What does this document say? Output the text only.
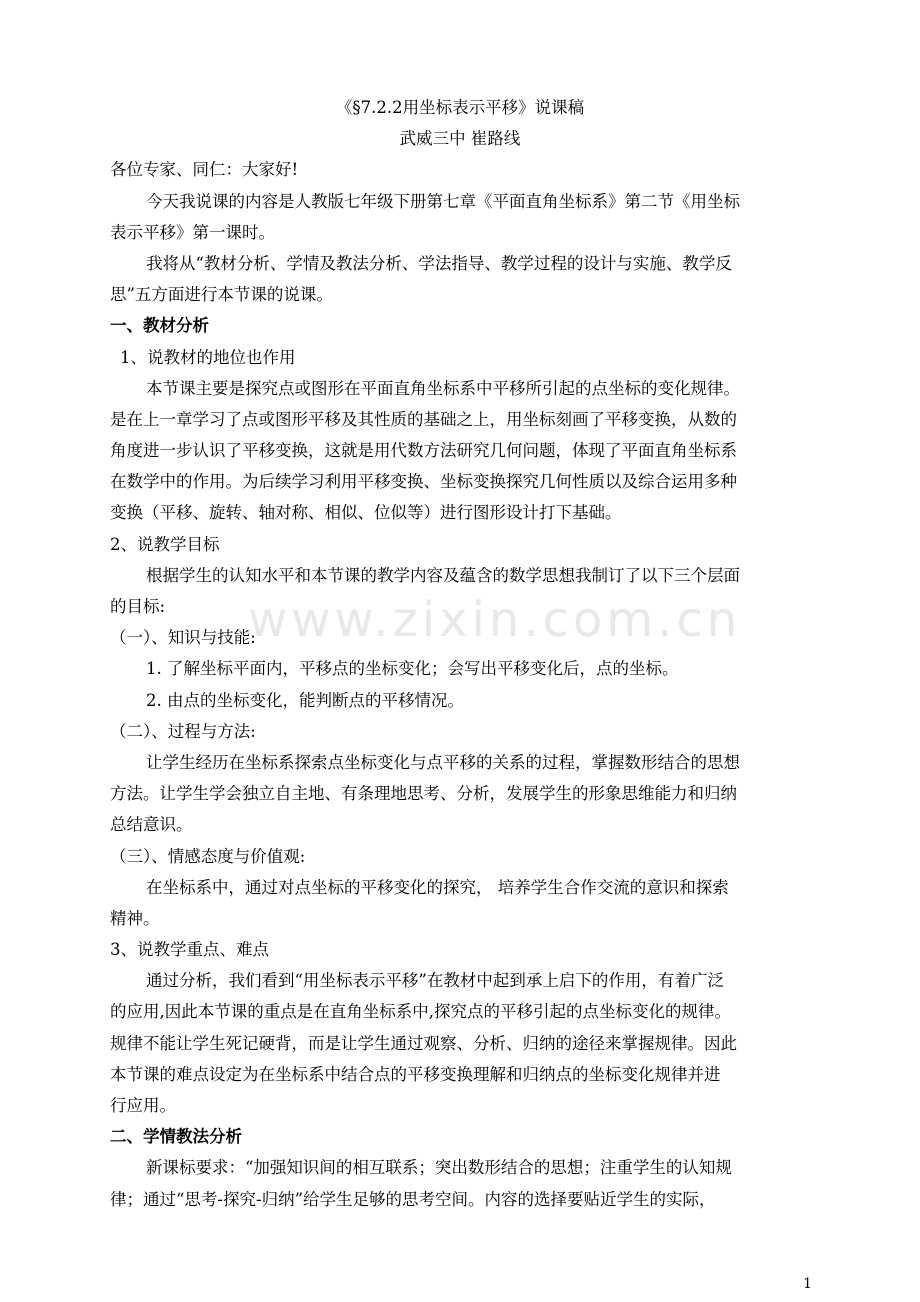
www.zixin.com.cn
《§7.2.2用坐标表示平移》说课稿
武威三中 崔路线
各位专家、同仁：大家好!
今天我说课的内容是人教版七年级下册第七章《平面直角坐标系》第二节《用坐标
表示平移》第一课时。
我将从“教材分析、学情及教法分析、学法指导、教学过程的设计与实施、教学反
思”五方面进行本节课的说课。
一、教材分析
1、说教材的地位也作用
本节课主要是探究点或图形在平面直角坐标系中平移所引起的点坐标的变化规律。
是在上一章学习了点或图形平移及其性质的基础之上，用坐标刻画了平移变换，从数的
角度进一步认识了平移变换，这就是用代数方法研究几何问题，体现了平面直角坐标系
在数学中的作用。为后续学习利用平移变换、坐标变换探究几何性质以及综合运用多种
变换（平移、旋转、轴对称、相似、位似等）进行图形设计打下基础。
2、说教学目标
根据学生的认知水平和本节课的教学内容及蕴含的数学思想我制订了以下三个层面
的目标:
（一）、知识与技能:
1. 了解坐标平面内，平移点的坐标变化；会写出平移变化后，点的坐标。
2. 由点的坐标变化，能判断点的平移情况。
（二）、过程与方法:
让学生经历在坐标系探索点坐标变化与点平移的关系的过程，掌握数形结合的思想
方法。让学生学会独立自主地、有条理地思考、分析，发展学生的形象思维能力和归纳
总结意识。
（三）、情感态度与价值观:
在坐标系中，通过对点坐标的平移变化的探究， 培养学生合作交流的意识和探索
精神。
3、说教学重点、难点
通过分析，我们看到“用坐标表示平移”在教材中起到承上启下的作用，有着广泛
的应用,因此本节课的重点是在直角坐标系中,探究点的平移引起的点坐标变化的规律。
规律不能让学生死记硬背，而是让学生通过观察、分析、归纳的途径来掌握规律。因此
本节课的难点设定为在坐标系中结合点的平移变换理解和归纳点的坐标变化规律并进
行应用。
二、学情教法分析
新课标要求：“加强知识间的相互联系；突出数形结合的思想；注重学生的认知规
律；通过“思考-探究-归纳”给学生足够的思考空间。内容的选择要贴近学生的实际，
1
